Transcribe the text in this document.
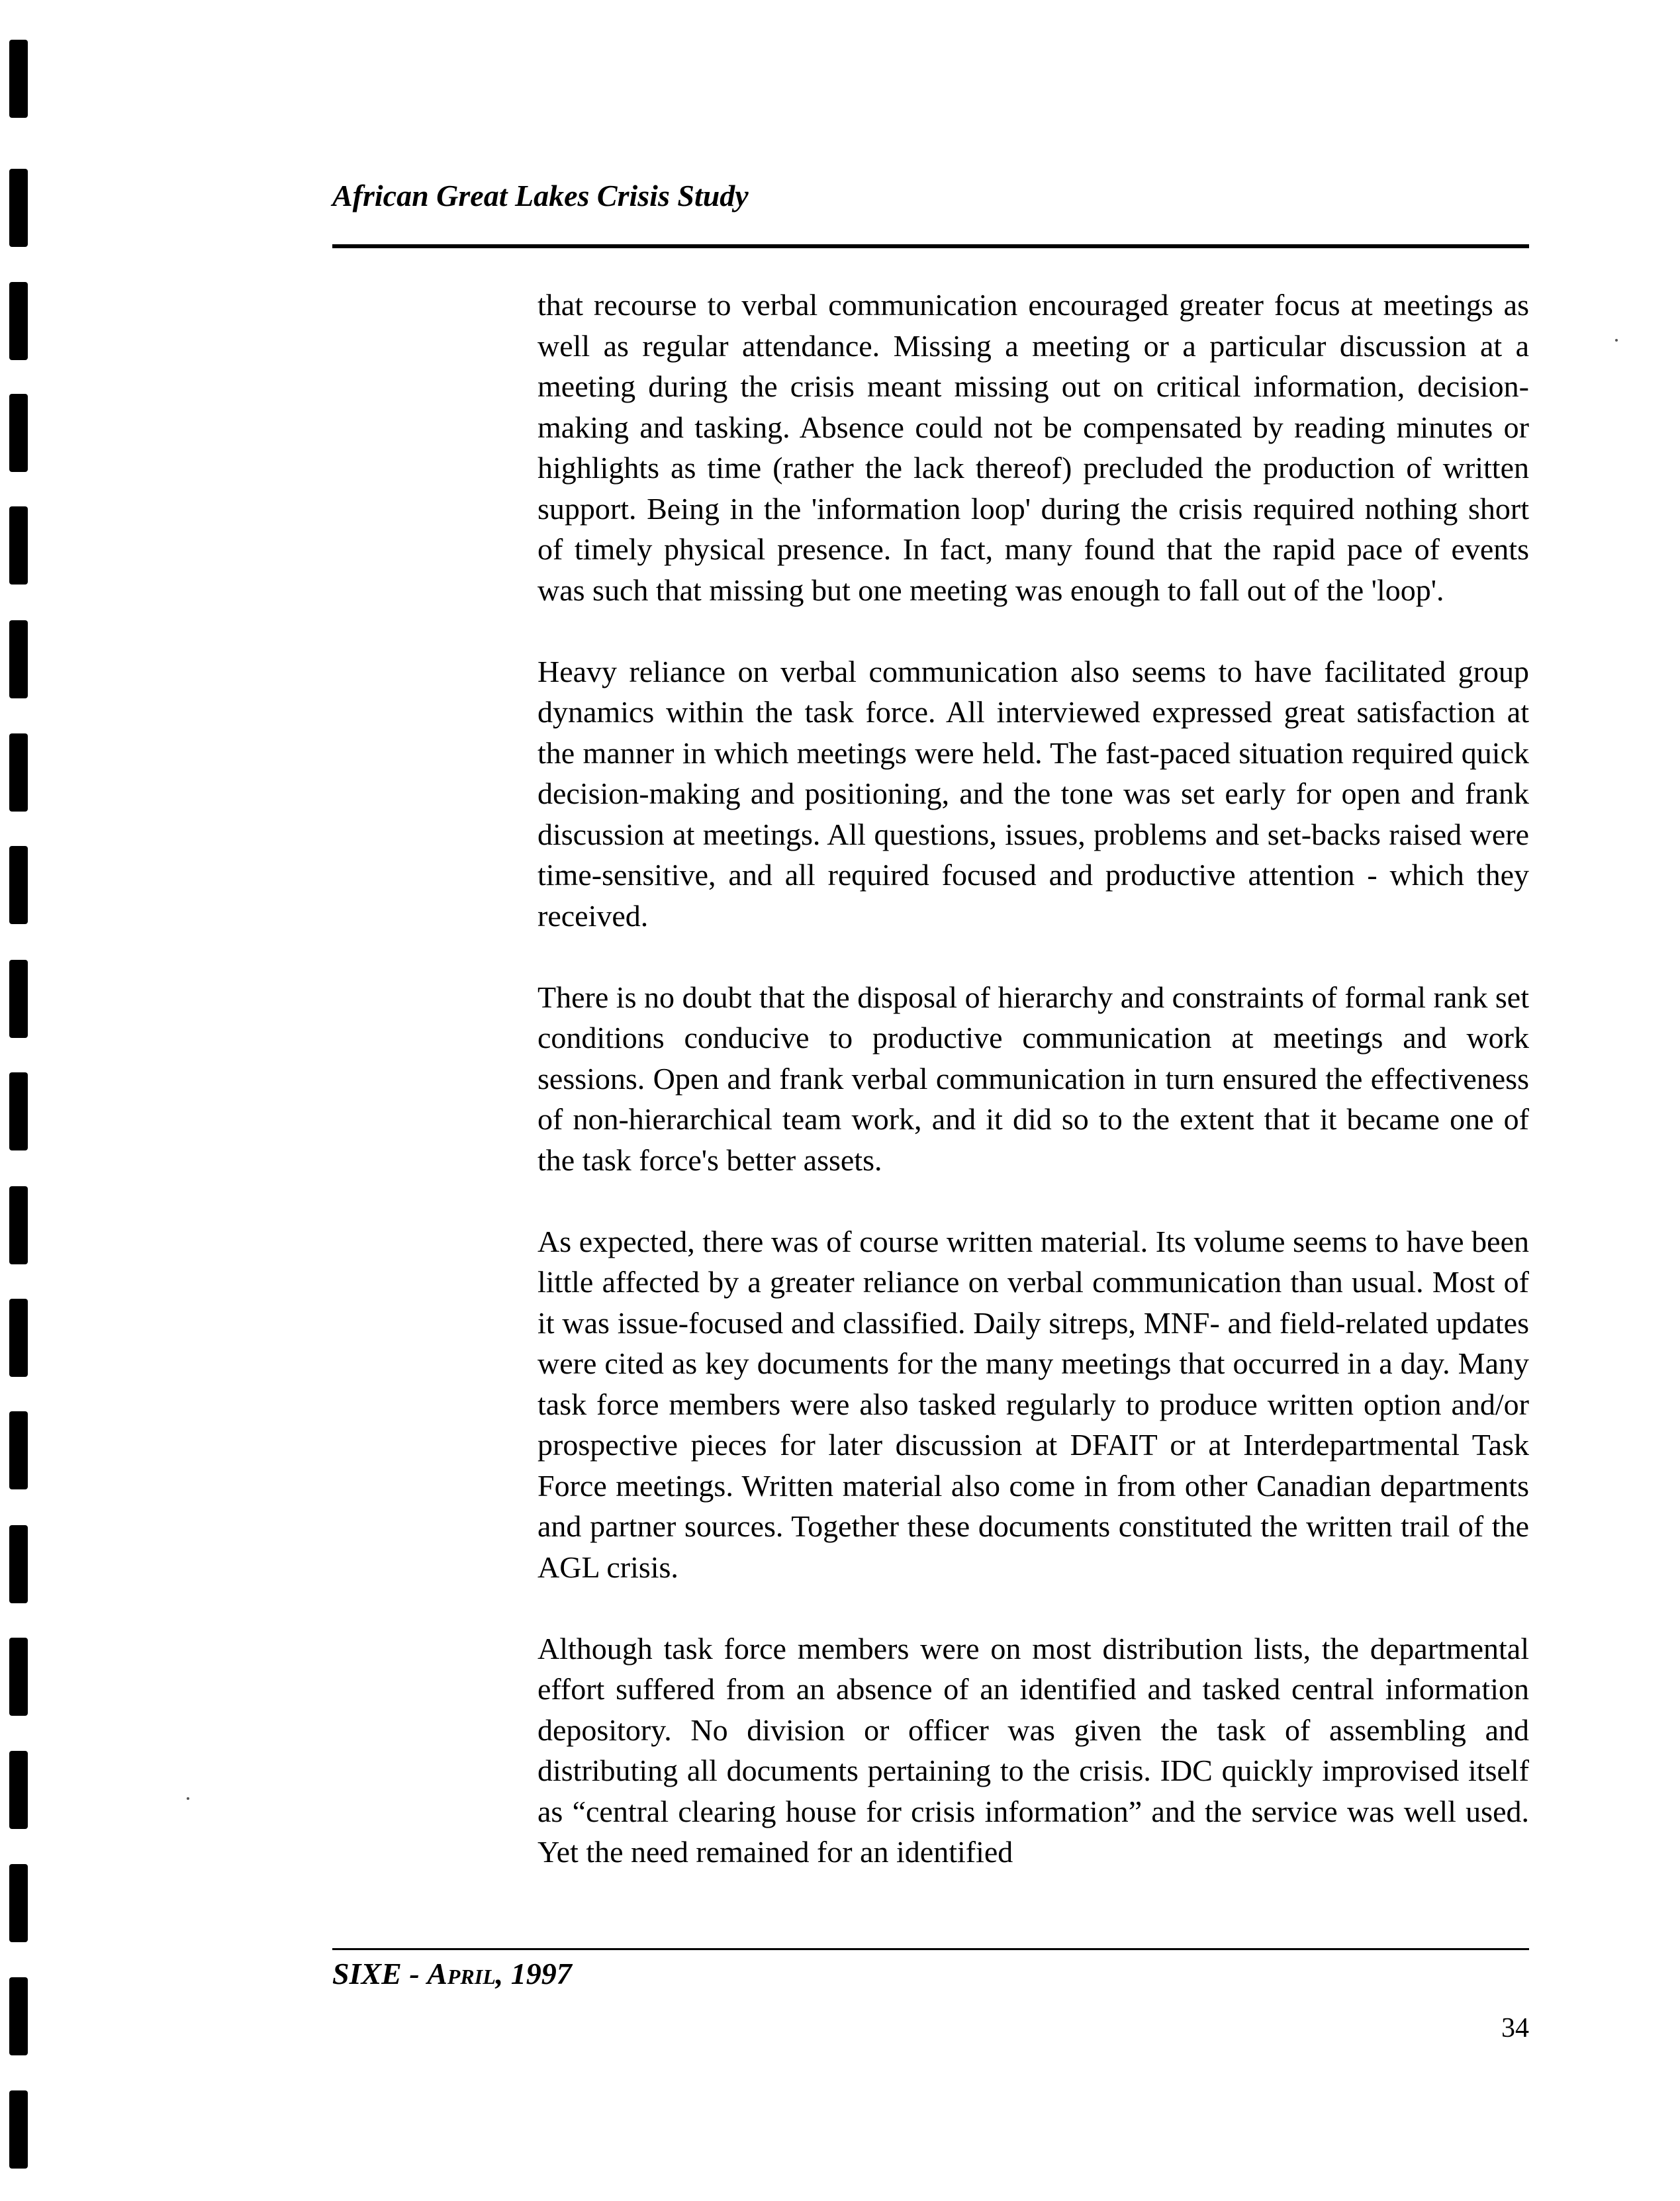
African Great Lakes Crisis Study

that recourse to verbal communication encouraged greater focus at meetings as well as regular attendance. Missing a meeting or a particular discussion at a meeting during the crisis meant missing out on critical information, decision-making and tasking. Absence could not be compensated by reading minutes or highlights as time (rather the lack thereof) precluded the production of written support. Being in the 'information loop' during the crisis required nothing short of timely physical presence. In fact, many found that the rapid pace of events was such that missing but one meeting was enough to fall out of the 'loop'.

Heavy reliance on verbal communication also seems to have facilitated group dynamics within the task force. All interviewed expressed great satisfaction at the manner in which meetings were held. The fast-paced situation required quick decision-making and positioning, and the tone was set early for open and frank discussion at meetings. All questions, issues, problems and set-backs raised were time-sensitive, and all required focused and productive attention - which they received.

There is no doubt that the disposal of hierarchy and constraints of formal rank set conditions conducive to productive communication at meetings and work sessions. Open and frank verbal communication in turn ensured the effectiveness of non-hierarchical team work, and it did so to the extent that it became one of the task force's better assets.

As expected, there was of course written material. Its volume seems to have been little affected by a greater reliance on verbal communication than usual. Most of it was issue-focused and classified. Daily sitreps, MNF- and field-related updates were cited as key documents for the many meetings that occurred in a day. Many task force members were also tasked regularly to produce written option and/or prospective pieces for later discussion at DFAIT or at Interdepartmental Task Force meetings. Written material also come in from other Canadian departments and partner sources. Together these documents constituted the written trail of the AGL crisis.

Although task force members were on most distribution lists, the departmental effort suffered from an absence of an identified and tasked central information depository. No division or officer was given the task of assembling and distributing all documents pertaining to the crisis. IDC quickly improvised itself as “central clearing house for crisis information” and the service was well used. Yet the need remained for an identified

SIXE - April, 1997
34
